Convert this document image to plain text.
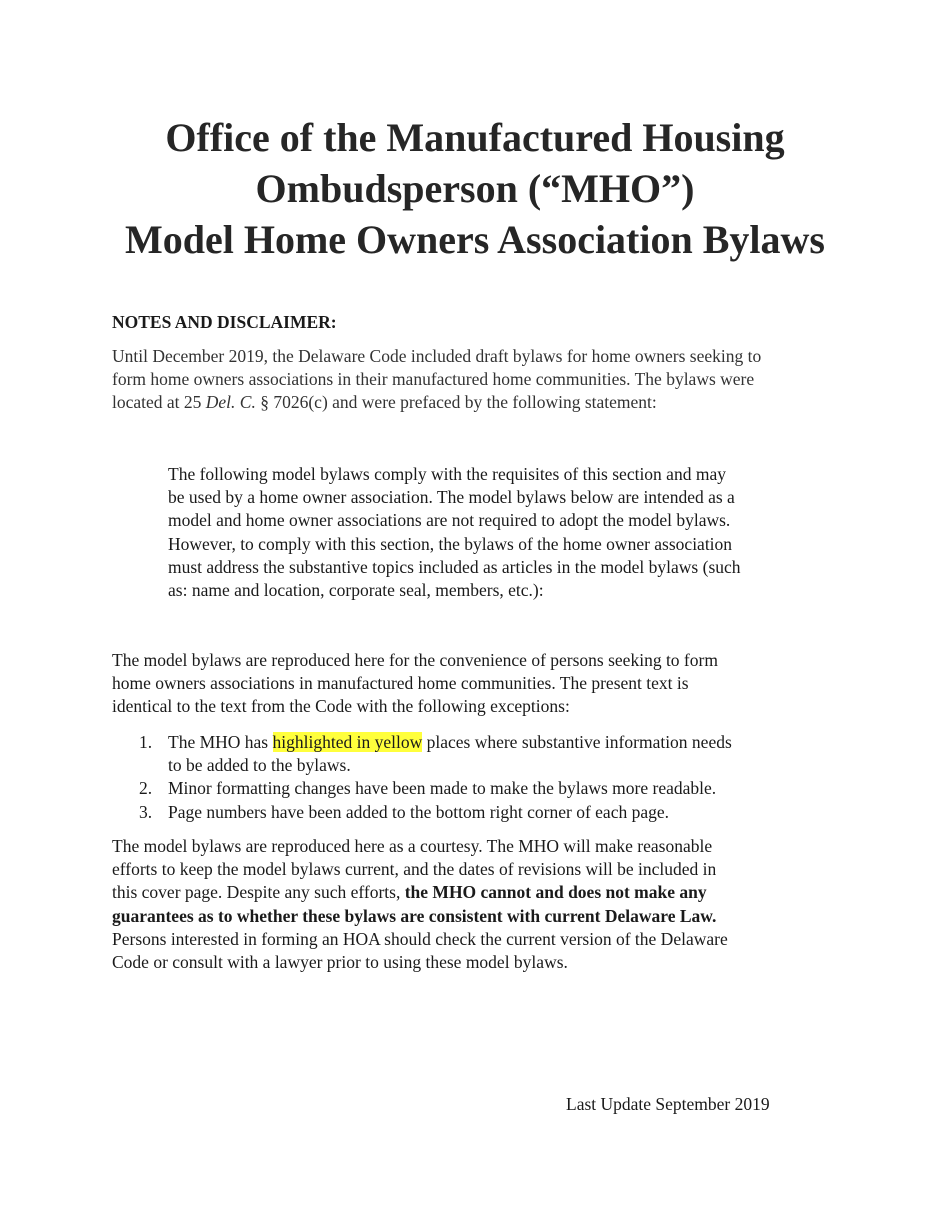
Office of the Manufactured Housing
Ombudsperson (“MHO”)
Model Home Owners Association Bylaws
NOTES AND DISCLAIMER:
Until December 2019, the Delaware Code included draft bylaws for home owners seeking to
form home owners associations in their manufactured home communities. The bylaws were
located at 25 Del. C. § 7026(c) and were prefaced by the following statement:
The following model bylaws comply with the requisites of this section and may
be used by a home owner association. The model bylaws below are intended as a
model and home owner associations are not required to adopt the model bylaws.
However, to comply with this section, the bylaws of the home owner association
must address the substantive topics included as articles in the model bylaws (such
as: name and location, corporate seal, members, etc.):
The model bylaws are reproduced here for the convenience of persons seeking to form
home owners associations in manufactured home communities. The present text is
identical to the text from the Code with the following exceptions:
1. The MHO has highlighted in yellow places where substantive information needs
to be added to the bylaws.
2. Minor formatting changes have been made to make the bylaws more readable.
3. Page numbers have been added to the bottom right corner of each page.
The model bylaws are reproduced here as a courtesy. The MHO will make reasonable
efforts to keep the model bylaws current, and the dates of revisions will be included in
this cover page. Despite any such efforts, the MHO cannot and does not make any
guarantees as to whether these bylaws are consistent with current Delaware Law.
Persons interested in forming an HOA should check the current version of the Delaware
Code or consult with a lawyer prior to using these model bylaws.
Last Update September 2019
